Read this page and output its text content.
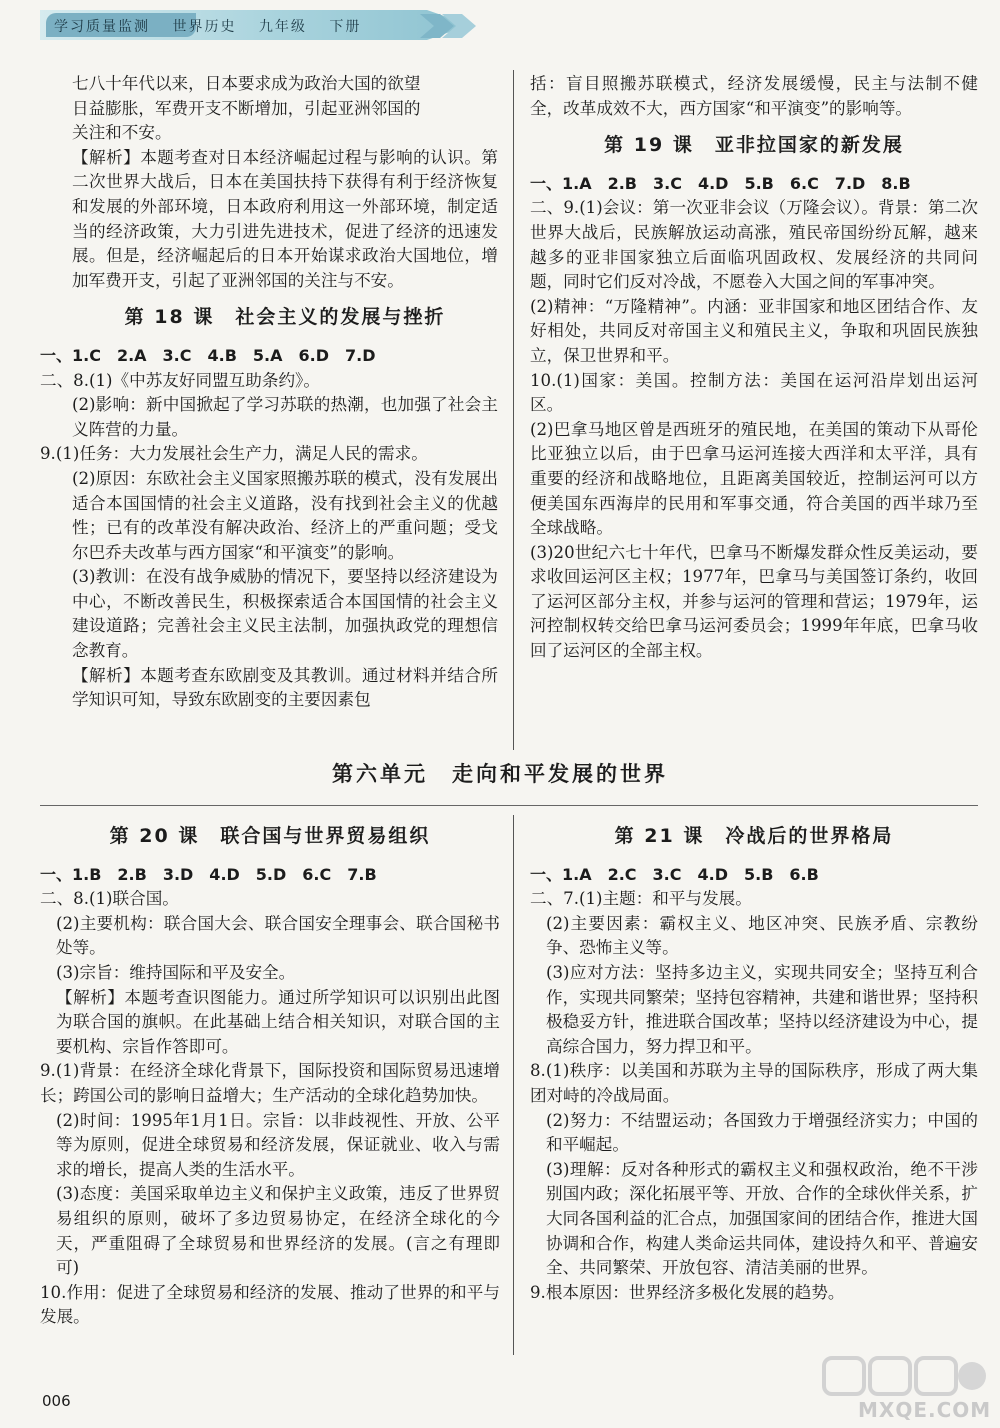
学习质量监测 世界历史 九年级 下册

七八十年代以来，日本要求成为政治大国的欲望

日益膨胀，军费开支不断增加，引起亚洲邻国的

关注和不安。

【解析】本题考查对日本经济崛起过程与影响的认识。第二次世界大战后，日本在美国扶持下获得有利于经济恢复和发展的外部环境，日本政府利用这一外部环境，制定适当的经济政策，大力引进先进技术，促进了经济的迅速发展。但是，经济崛起后的日本开始谋求政治大国地位，增加军费开支，引起了亚洲邻国的关注与不安。

第 18 课　社会主义的发展与挫折

一、1.C　2.A　3.C　4.B　5.A　6.D　7.D

二、8.(1)《中苏友好同盟互助条约》。

(2)影响：新中国掀起了学习苏联的热潮，也加强了社会主义阵营的力量。

9.(1)任务：大力发展社会生产力，满足人民的需求。

(2)原因：东欧社会主义国家照搬苏联的模式，没有发展出适合本国国情的社会主义道路，没有找到社会主义的优越性；已有的改革没有解决政治、经济上的严重问题；受戈尔巴乔夫改革与西方国家“和平演变”的影响。

(3)教训：在没有战争威胁的情况下，要坚持以经济建设为中心，不断改善民生，积极探索适合本国国情的社会主义建设道路；完善社会主义民主法制，加强执政党的理想信念教育。

【解析】本题考查东欧剧变及其教训。通过材料并结合所学知识可知，导致东欧剧变的主要因素包

括：盲目照搬苏联模式，经济发展缓慢，民主与法制不健全，改革成效不大，西方国家“和平演变”的影响等。

第 19 课　亚非拉国家的新发展

一、1.A　2.B　3.C　4.D　5.B　6.C　7.D　8.B

二、9.(1)会议：第一次亚非会议（万隆会议）。背景：第二次世界大战后，民族解放运动高涨，殖民帝国纷纷瓦解，越来越多的亚非国家独立后面临巩固政权、发展经济的共同问题，同时它们反对冷战，不愿卷入大国之间的军事冲突。

(2)精神：“万隆精神”。内涵：亚非国家和地区团结合作、友好相处，共同反对帝国主义和殖民主义，争取和巩固民族独立，保卫世界和平。

10.(1)国家：美国。控制方法：美国在运河沿岸划出运河区。

(2)巴拿马地区曾是西班牙的殖民地，在美国的策动下从哥伦比亚独立以后，由于巴拿马运河连接大西洋和太平洋，具有重要的经济和战略地位，且距离美国较近，控制运河可以方便美国东西海岸的民用和军事交通，符合美国的西半球乃至全球战略。

(3)20世纪六七十年代，巴拿马不断爆发群众性反美运动，要求收回运河区主权；1977年，巴拿马与美国签订条约，收回了运河区部分主权，并参与运河的管理和营运；1979年，运河控制权转交给巴拿马运河委员会；1999年年底，巴拿马收回了运河区的全部主权。

第六单元　走向和平发展的世界
第 20 课　联合国与世界贸易组织

一、1.B　2.B　3.D　4.D　5.D　6.C　7.B

二、8.(1)联合国。

(2)主要机构：联合国大会、联合国安全理事会、联合国秘书处等。

(3)宗旨：维持国际和平及安全。

【解析】本题考查识图能力。通过所学知识可以识别出此图为联合国的旗帜。在此基础上结合相关知识，对联合国的主要机构、宗旨作答即可。

9.(1)背景：在经济全球化背景下，国际投资和国际贸易迅速增长；跨国公司的影响日益增大；生产活动的全球化趋势加快。

(2)时间：1995年1月1日。宗旨：以非歧视性、开放、公平等为原则，促进全球贸易和经济发展，保证就业、收入与需求的增长，提高人类的生活水平。

(3)态度：美国采取单边主义和保护主义政策，违反了世界贸易组织的原则，破坏了多边贸易协定，在经济全球化的今天，严重阻碍了全球贸易和世界经济的发展。(言之有理即可)

10.作用：促进了全球贸易和经济的发展、推动了世界的和平与发展。

第 21 课　冷战后的世界格局

一、1.A　2.C　3.C　4.D　5.B　6.B

二、7.(1)主题：和平与发展。

(2)主要因素：霸权主义、地区冲突、民族矛盾、宗教纷争、恐怖主义等。

(3)应对方法：坚持多边主义，实现共同安全；坚持互利合作，实现共同繁荣；坚持包容精神，共建和谐世界；坚持积极稳妥方针，推进联合国改革；坚持以经济建设为中心，提高综合国力，努力捍卫和平。

8.(1)秩序：以美国和苏联为主导的国际秩序，形成了两大集团对峙的冷战局面。

(2)努力：不结盟运动；各国致力于增强经济实力；中国的和平崛起。

(3)理解：反对各种形式的霸权主义和强权政治，绝不干涉别国内政；深化拓展平等、开放、合作的全球伙伴关系，扩大同各国利益的汇合点，加强国家间的团结合作，推进大国协调和合作，构建人类命运共同体，建设持久和平、普遍安全、共同繁荣、开放包容、清洁美丽的世界。

9.根本原因：世界经济多极化发展的趋势。

006	MXQE.COM
